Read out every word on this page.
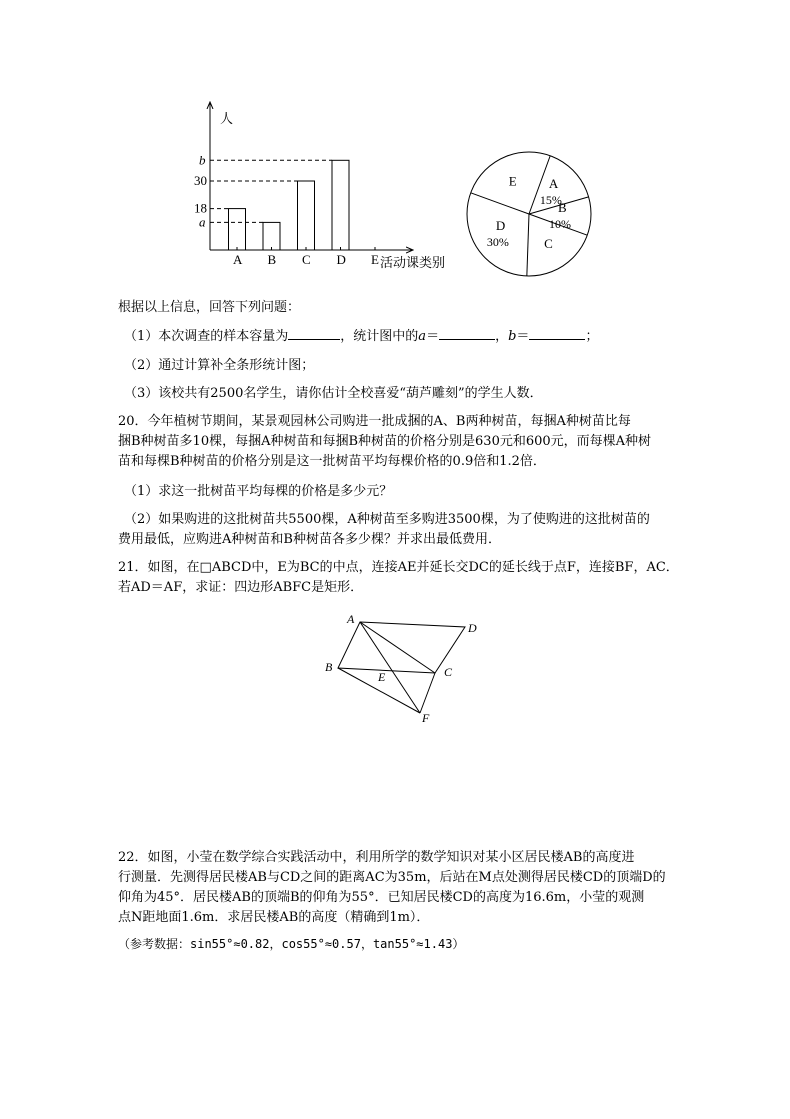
人
活动课类别
A B C D E
b
30
18
a
A
15%
B
10%
C
D
30%
E
根据以上信息，回答下列问题：
（1）本次调查的样本容量为	，统计图中的a＝	，b＝	；
（2）通过计算补全条形统计图；
（3）该校共有2500名学生，请你估计全校喜爱“葫芦雕刻”的学生人数．
20．今年植树节期间，某景观园林公司购进一批成捆的A、B两种树苗，每捆A种树苗比每
捆B种树苗多10棵，每捆A种树苗和每捆B种树苗的价格分别是630元和600元，而每棵A种树
苗和每棵B种树苗的价格分别是这一批树苗平均每棵价格的0.9倍和1.2倍．
（1）求这一批树苗平均每棵的价格是多少元？
（2）如果购进的这批树苗共5500棵，A种树苗至多购进3500棵，为了使购进的这批树苗的
费用最低，应购进A种树苗和B种树苗各多少棵？并求出最低费用．
21．如图，在□ABCD中，E为BC的中点，连接AE并延长交DC的延长线于点F，连接BF，AC．
若AD＝AF，求证：四边形ABFC是矩形．
A
D
B	C
E
F
22．如图，小莹在数学综合实践活动中，利用所学的数学知识对某小区居民楼AB的高度进
行测量．先测得居民楼AB与CD之间的距离AC为35m，后站在M点处测得居民楼CD的顶端D的
仰角为45°．居民楼AB的顶端B的仰角为55°．已知居民楼CD的高度为16.6m，小莹的观测
点N距地面1.6m．求居民楼AB的高度（精确到1m）．
（参考数据：sin55°≈0.82，cos55°≈0.57，tan55°≈1.43）
